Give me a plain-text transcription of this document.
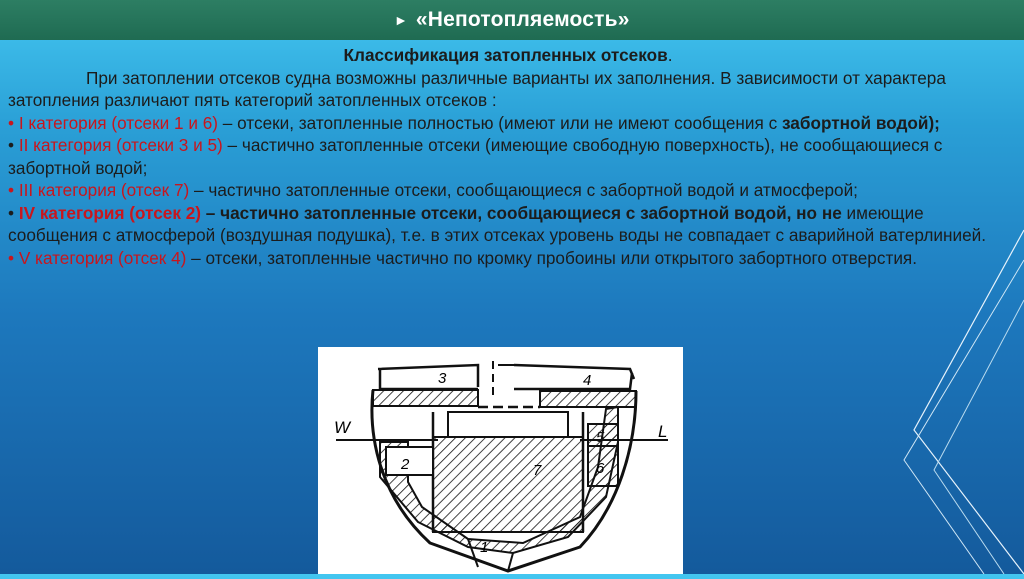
► «Непотопляемость»
Классификация затопленных отсеков.
При затоплении отсеков судна возможны различные варианты их заполнения. В зависимости от характера затопления различают пять категорий затопленных отсеков :
• I категория (отсеки 1 и 6) – отсеки, затопленные полностью (имеют или не имеют сообщения с забортной водой);
• II категория (отсеки 3 и 5) – частично затопленные отсеки (имеющие свободную поверхность), не сообщающиеся с забортной водой;
• III категория (отсек 7) – частично затопленные отсеки, сообщающиеся с забортной водой и атмосферой;
• IV категория (отсек 2) – частично затопленные отсеки, сообщающиеся с забортной водой, но не имеющие сообщения с атмосферой (воздушная подушка), т.е. в этих отсеках уровень воды не совпадает с аварийной ватерлинией.
• V категория (отсек 4) – отсеки, затопленные частично по кромку пробоины или открытого забортного отверстия.
3	4
W	L
5
2	7	6
1
